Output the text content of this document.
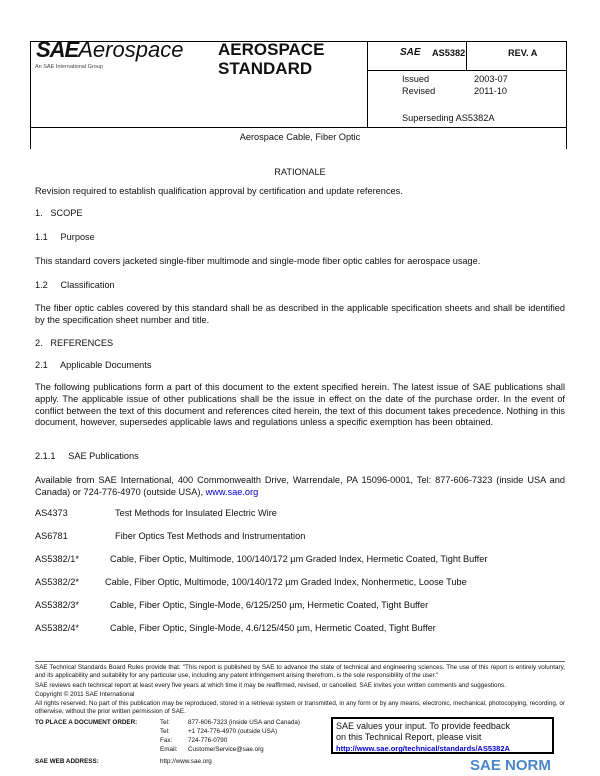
SAEAerospace
An SAE International Group
AEROSPACE
STANDARD
SAE AS5382	REV. A
Issued	2003-07
Revised	2011-10
Superseding AS5382A
Aerospace Cable, Fiber Optic
RATIONALE
Revision required to establish qualification approval by certification and update references.
1.   SCOPE
1.1     Purpose
This standard covers jacketed single-fiber multimode and single-mode fiber optic cables for aerospace usage.
1.2     Classification
The fiber optic cables covered by this standard shall be as described in the applicable specification sheets and shall be identified by the specification sheet number and title.
2.   REFERENCES
2.1     Applicable Documents
The following publications form a part of this document to the extent specified herein. The latest issue of SAE publications shall apply. The applicable issue of other publications shall be the issue in effect on the date of the purchase order. In the event of conflict between the text of this document and references cited herein, the text of this document takes precedence. Nothing in this document, however, supersedes applicable laws and regulations unless a specific exemption has been obtained.
2.1.1     SAE Publications
Available from SAE International, 400 Commonwealth Drive, Warrendale, PA 15096-0001, Tel: 877-606-7323 (inside USA and Canada) or 724-776-4970 (outside USA), www.sae.org
AS4373	Test Methods for Insulated Electric Wire
AS6781	Fiber Optics Test Methods and Instrumentation
AS5382/1*	Cable, Fiber Optic, Multimode, 100/140/172 µm Graded Index, Hermetic Coated, Tight Buffer
AS5382/2*	Cable, Fiber Optic, Multimode, 100/140/172 µm Graded Index, Nonhermetic, Loose Tube
AS5382/3*	Cable, Fiber Optic, Single-Mode, 6/125/250 µm, Hermetic Coated, Tight Buffer
AS5382/4*	Cable, Fiber Optic, Single-Mode, 4.6/125/450 µm, Hermetic Coated, Tight Buffer
SAE Technical Standards Board Rules provide that: "This report is published by SAE to advance the state of technical and engineering sciences. The use of this report is entirely voluntary, and its applicability and suitability for any particular use, including any patent infringement arising therefrom, is the sole responsibility of the user."
SAE reviews each technical report at least every five years at which time it may be reaffirmed, revised, or cancelled. SAE invites your written comments and suggestions.
Copyright © 2011 SAE International
All rights reserved. No part of this publication may be reproduced, stored in a retrieval system or transmitted, in any form or by any means, electronic, mechanical, photocopying, recording, or otherwise, without the prior written permission of SAE.
TO PLACE A DOCUMENT ORDER:	Tel:	877-606-7323 (inside USA and Canada)
Tel:	+1 724-776-4970 (outside USA)
Fax:	724-776-0790
Email: CustomerService@sae.org
SAE WEB ADDRESS:	http://www.sae.org
SAE values your input. To provide feedback
on this Technical Report, please visit
http://www.sae.org/technical/standards/AS5382A
SAE NORM
